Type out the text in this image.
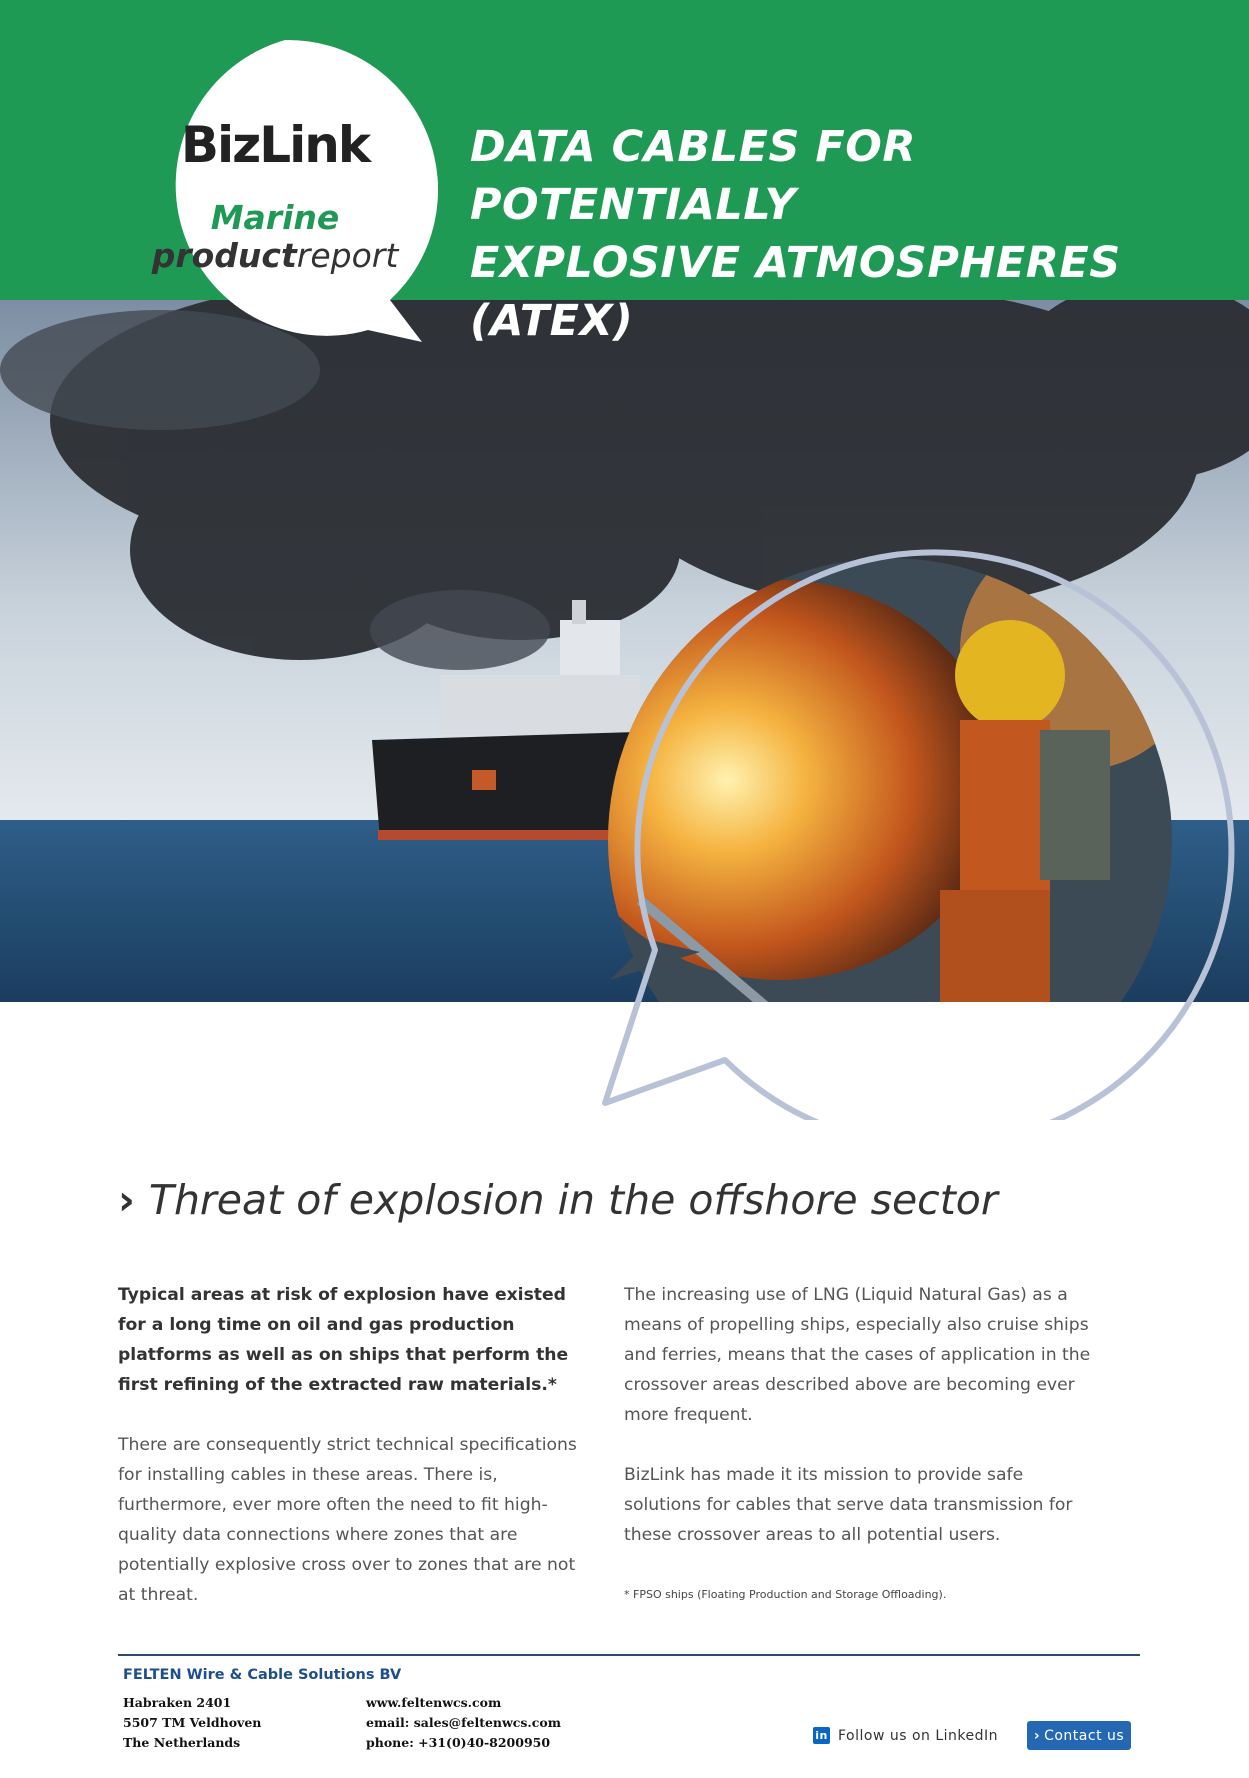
BizLink
Marine
productreport
DATA CABLES FOR POTENTIALLY
EXPLOSIVE ATMOSPHERES (ATEX)
› Threat of explosion in the offshore sector

Typical areas at risk of explosion have existed for a long time on oil and gas production platforms as well as on ships that perform the first refining of the extracted raw materials.*

There are consequently strict technical specifications for installing cables in these areas. There is, furthermore, ever more often the need to fit high-quality data connections where zones that are potentially explosive cross over to zones that are not at threat.

The increasing use of LNG (Liquid Natural Gas) as a means of propelling ships, especially also cruise ships and ferries, means that the cases of application in the crossover areas described above are becoming ever more frequent.

BizLink has made it its mission to provide safe solutions for cables that serve data transmission for these crossover areas to all potential users.

* FPSO ships (Floating Production and Storage Offloading).
FELTEN Wire & Cable Solutions BV
Habraken 2401
5507 TM Veldhoven
The Netherlands
www.feltenwcs.com
email: sales@feltenwcs.com
phone: +31(0)40-8200950	in Follow us on LinkedIn	› Contact us
